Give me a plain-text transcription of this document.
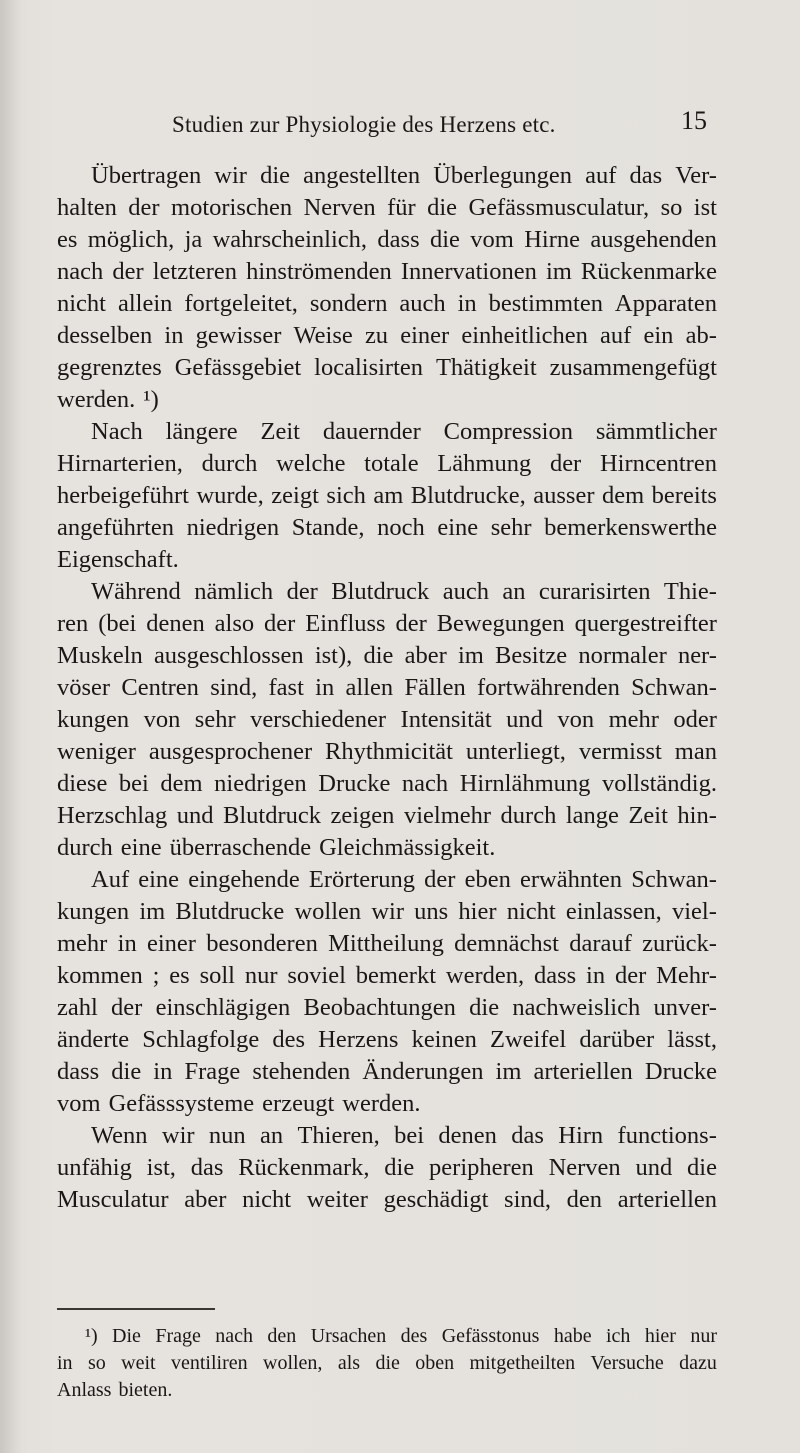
Studien zur Physiologie des Herzens etc.	15
Übertragen wir die angestellten Überlegungen auf das Ver-
halten der motorischen Nerven für die Gefässmusculatur, so ist
es möglich, ja wahrscheinlich, dass die vom Hirne ausgehenden
nach der letzteren hinströmenden Innervationen im Rückenmarke
nicht allein fortgeleitet, sondern auch in bestimmten Apparaten
desselben in gewisser Weise zu einer einheitlichen auf ein ab-
gegrenztes Gefässgebiet localisirten Thätigkeit zusammengefügt
werden. ¹)
Nach längere Zeit dauernder Compression sämmtlicher
Hirnarterien, durch welche totale Lähmung der Hirncentren
herbeigeführt wurde, zeigt sich am Blutdrucke, ausser dem bereits
angeführten niedrigen Stande, noch eine sehr bemerkenswerthe
Eigenschaft.
Während nämlich der Blutdruck auch an curarisirten Thie-
ren (bei denen also der Einfluss der Bewegungen quergestreifter
Muskeln ausgeschlossen ist), die aber im Besitze normaler ner-
vöser Centren sind, fast in allen Fällen fortwährenden Schwan-
kungen von sehr verschiedener Intensität und von mehr oder
weniger ausgesprochener Rhythmicität unterliegt, vermisst man
diese bei dem niedrigen Drucke nach Hirnlähmung vollständig.
Herzschlag und Blutdruck zeigen vielmehr durch lange Zeit hin-
durch eine überraschende Gleichmässigkeit.
Auf eine eingehende Erörterung der eben erwähnten Schwan-
kungen im Blutdrucke wollen wir uns hier nicht einlassen, viel-
mehr in einer besonderen Mittheilung demnächst darauf zurück-
kommen ; es soll nur soviel bemerkt werden, dass in der Mehr-
zahl der einschlägigen Beobachtungen die nachweislich unver-
änderte Schlagfolge des Herzens keinen Zweifel darüber lässt,
dass die in Frage stehenden Änderungen im arteriellen Drucke
vom Gefässsysteme erzeugt werden.
Wenn wir nun an Thieren, bei denen das Hirn functions-
unfähig ist, das Rückenmark, die peripheren Nerven und die
Musculatur aber nicht weiter geschädigt sind, den arteriellen
¹) Die Frage nach den Ursachen des Gefässtonus habe ich hier nur
in so weit ventiliren wollen, als die oben mitgetheilten Versuche dazu
Anlass bieten.
